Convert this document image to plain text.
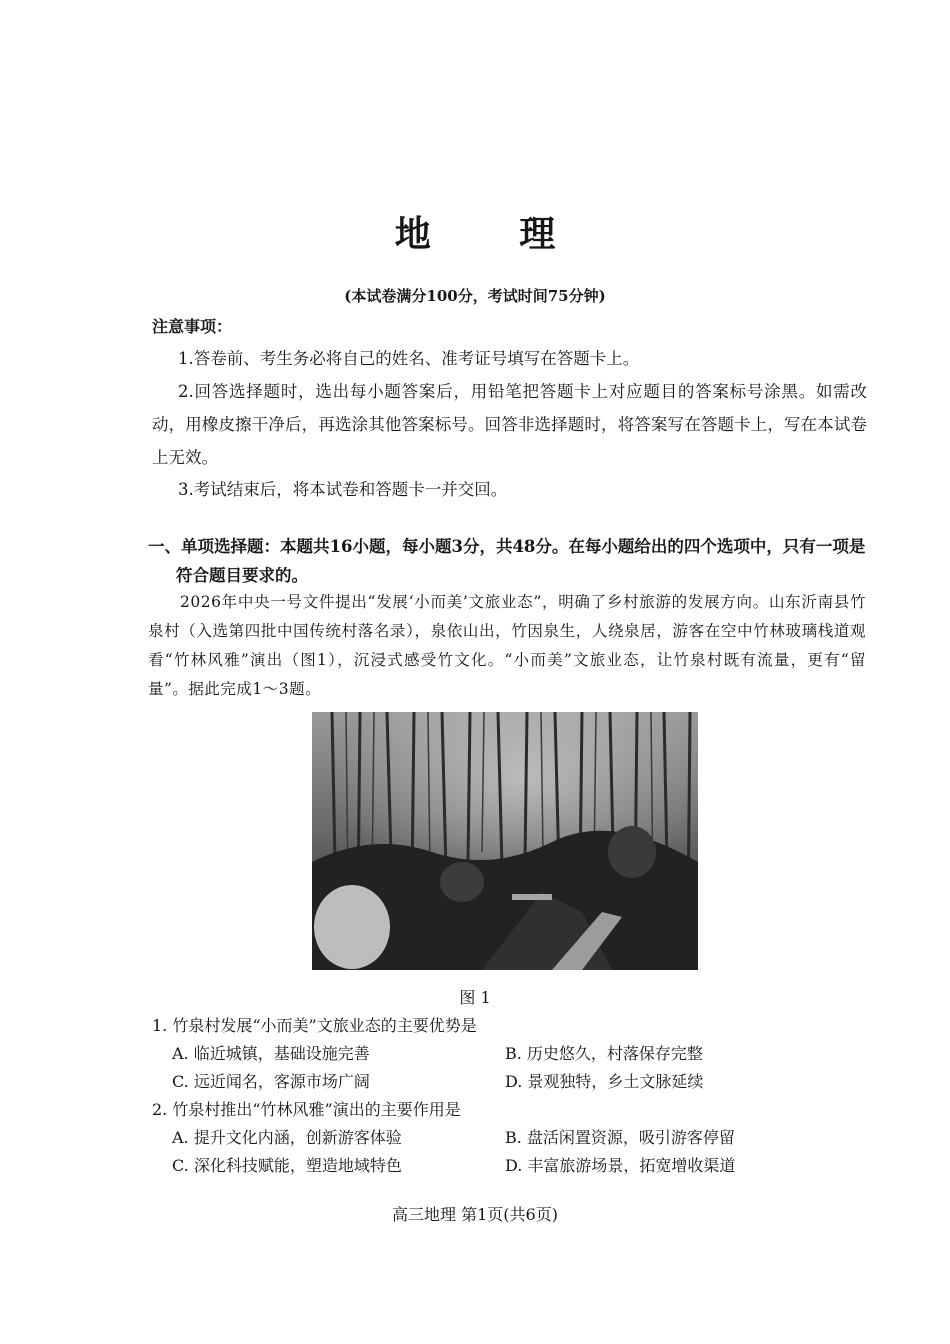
地 理
(本试卷满分100分，考试时间75分钟)
注意事项：
1.答卷前、考生务必将自己的姓名、准考证号填写在答题卡上。
2.回答选择题时，选出每小题答案后，用铅笔把答题卡上对应题目的答案标号涂黑。如需改动，用橡皮擦干净后，再选涂其他答案标号。回答非选择题时，将答案写在答题卡上，写在本试卷上无效。
3.考试结束后，将本试卷和答题卡一并交回。
一、单项选择题：本题共16小题，每小题3分，共48分。在每小题给出的四个选项中，只有一项是符合题目要求的。
2026年中央一号文件提出“发展‘小而美’文旅业态”，明确了乡村旅游的发展方向。山东沂南县竹泉村（入选第四批中国传统村落名录），泉依山出，竹因泉生，人绕泉居，游客在空中竹林玻璃栈道观看“竹林风雅”演出（图1），沉浸式感受竹文化。“小而美”文旅业态，让竹泉村既有流量，更有“留量”。据此完成1～3题。
图 1
1. 竹泉村发展“小而美”文旅业态的主要优势是
A. 临近城镇，基础设施完善	B. 历史悠久，村落保存完整
C. 远近闻名，客源市场广阔	D. 景观独特，乡土文脉延续
2. 竹泉村推出“竹林风雅”演出的主要作用是
A. 提升文化内涵，创新游客体验	B. 盘活闲置资源，吸引游客停留
C. 深化科技赋能，塑造地域特色	D. 丰富旅游场景，拓宽增收渠道
高三地理 第1页(共6页)
